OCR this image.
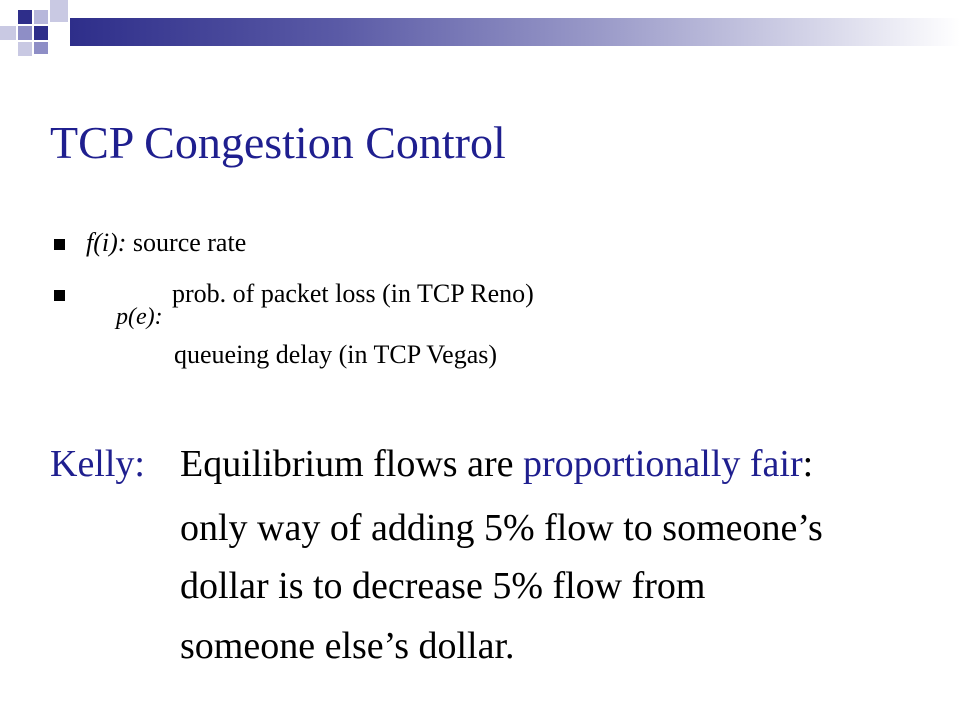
TCP Congestion Control
f(i): source rate
prob. of packet loss (in TCP Reno)
p(e):
queueing delay (in TCP Vegas)
Kelly: Equilibrium flows are proportionally fair:
only way of adding 5% flow to someone’s
dollar is to decrease 5% flow from
someone else’s dollar.
